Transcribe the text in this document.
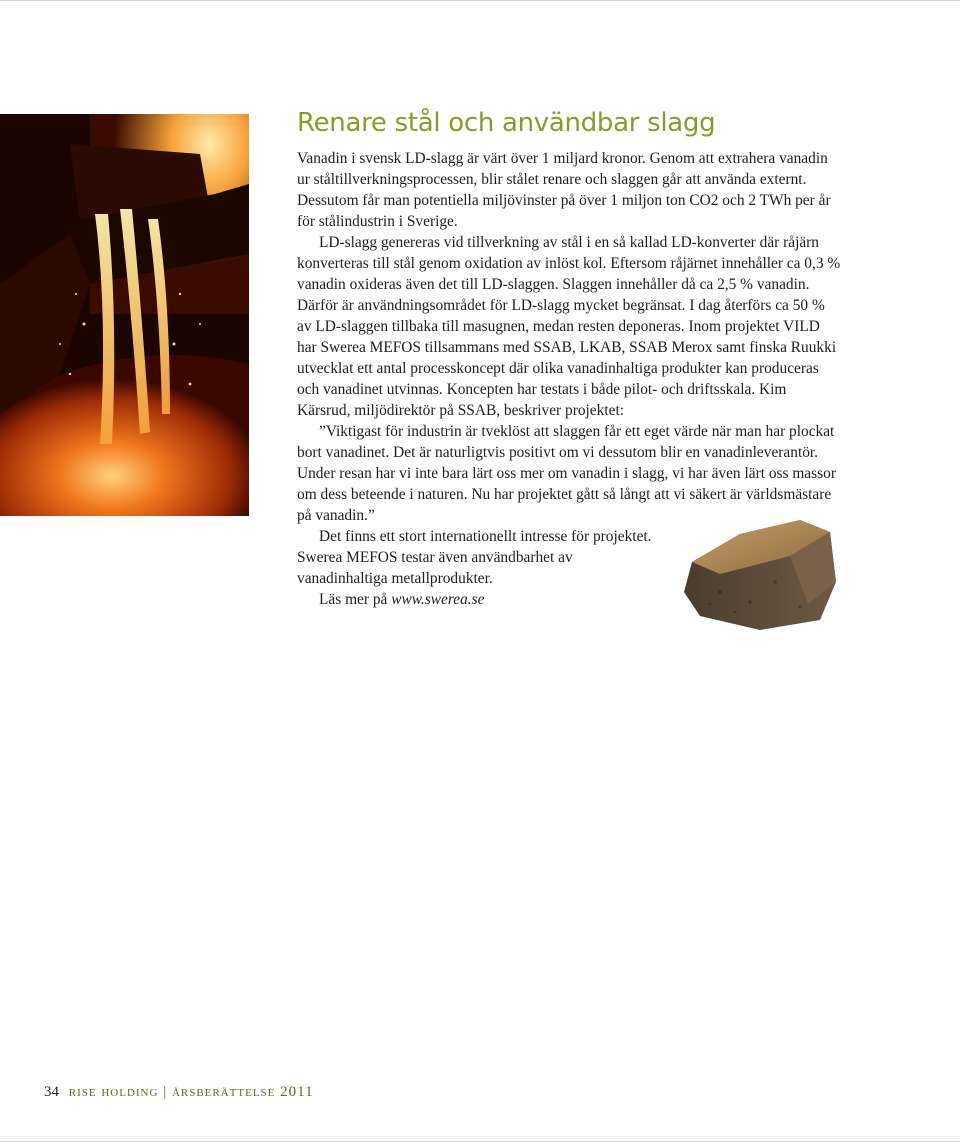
Renare stål och användbar slagg

Vanadin i svensk LD-slagg är värt över 1 miljard kronor. Genom att extrahera vanadin ur ståltillverkningsprocessen, blir stålet renare och slaggen går att använda externt. Dessutom får man potentiella miljövinster på över 1 miljon ton CO2 och 2 TWh per år för stålindustrin i Sverige.

LD-slagg genereras vid tillverkning av stål i en så kallad LD-konverter där råjärn konverteras till stål genom oxidation av inlöst kol. Eftersom råjärnet innehåller ca 0,3 % vanadin oxideras även det till LD-slaggen. Slaggen innehåller då ca 2,5 % vanadin. Därför är användningsområdet för LD-slagg mycket begränsat. I dag återförs ca 50 % av LD-slaggen tillbaka till masugnen, medan resten deponeras. Inom projektet VILD har Swerea MEFOS tillsammans med SSAB, LKAB, SSAB Merox samt finska Ruukki utvecklat ett antal processkoncept där olika vanadinhaltiga produkter kan produceras och vanadinet utvinnas. Koncepten har testats i både pilot- och driftsskala. Kim Kärsrud, miljödirektör på SSAB, beskriver projektet:

”Viktigast för industrin är tveklöst att slaggen får ett eget värde när man har plockat bort vanadinet. Det är naturligtvis positivt om vi dessutom blir en vanadinleverantör. Under resan har vi inte bara lärt oss mer om vanadin i slagg, vi har även lärt oss massor om dess beteende i naturen. Nu har projektet gått så långt att vi säkert är världsmästare på vanadin.”

Det finns ett stort internationellt intresse för projektet. Swerea MEFOS testar även användbarhet av vanadinhaltiga metallprodukter.

Läs mer på www.swerea.se

34 rise holding | årsberättelse 2011
